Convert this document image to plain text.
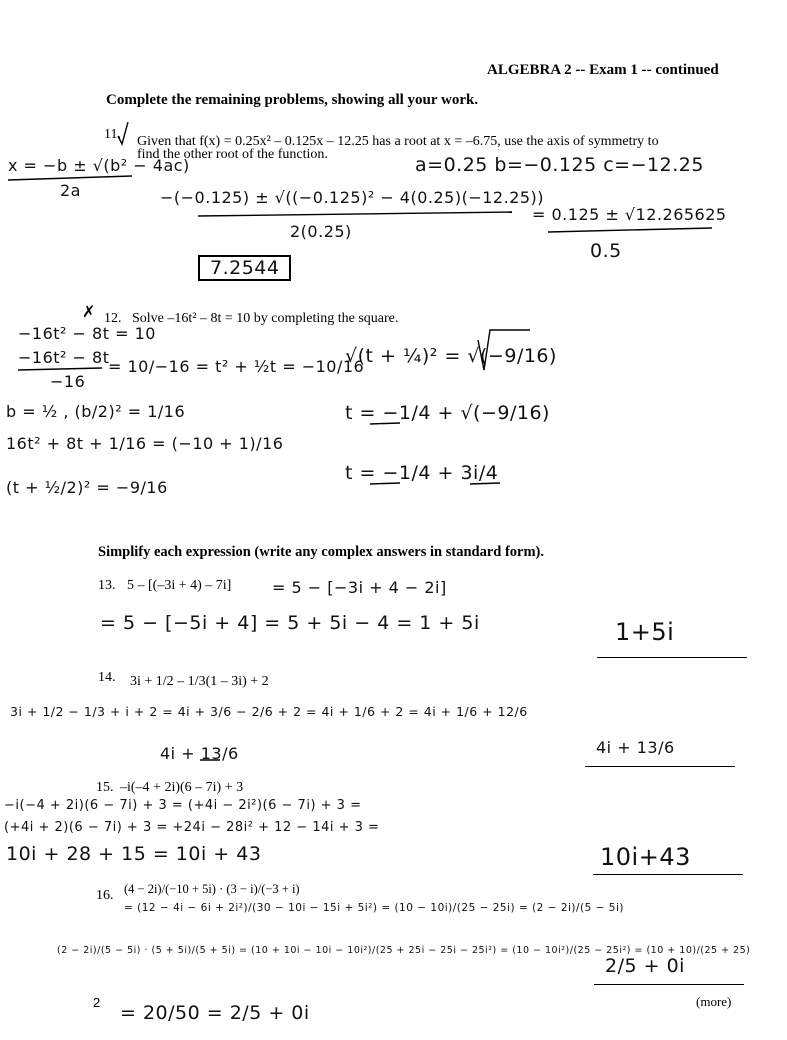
ALGEBRA 2 -- Exam 1 -- continued
Complete the remaining problems, showing all your work.
11. Given that f(x) = 0.25x² – 0.125x – 12.25 has a root at x = –6.75, use the axis of symmetry to
find the other root of the function.
x = −b ± √(b² − 4ac)
2a
a=0.25 b=−0.125 c=−12.25
−(−0.125) ± √((−0.125)² − 4(0.25)(−12.25))
2(0.25)
= 0.125 ± √12.265625
0.5
7.2544
✗ 12. Solve –16t² – 8t = 10 by completing the square.
−16t² − 8t = 10
−16t² − 8t
−16
= 10/−16 = t² + ½t = −10/16
b = ½ , (b/2)² = 1/16
16t² + 8t + 1/16 = (−10 + 1)/16
(t + ½/2)² = −9/16
√(t + ¼)² = √(−9/16)
t = −1/4 + √(−9/16)
t = −1/4 + 3i/4
Simplify each expression (write any complex answers in standard form).
13. 5 – [(–3i + 4) – 7i]	= 5 − [−3i + 4 − 2i]
= 5 − [−5i + 4] = 5 + 5i − 4 = 1 + 5i	1+5i
14. 3i + 1/2 – 1/3(1 – 3i) + 2
3i + 1/2 − 1/3 + i + 2 = 4i + 3/6 − 2/6 + 2 = 4i + 1/6 + 2 = 4i + 1/6 + 12/6
4i + 13/6	4i + 13/6
15. –i(–4 + 2i)(6 – 7i) + 3
−i(−4 + 2i)(6 − 7i) + 3 = (+4i − 2i²)(6 − 7i) + 3 =
(+4i + 2)(6 − 7i) + 3 = +24i − 28i² + 12 − 14i + 3 =
10i + 28 + 15 = 10i + 43	10i+43
16. (4 − 2i)/(−10 + 5i) · (3 − i)/(−3 + i)
= (12 − 4i − 6i + 2i²)/(30 − 10i − 15i + 5i²) = (10 − 10i)/(25 − 25i) = (2 − 2i)/(5 − 5i)
(2 − 2i)/(5 − 5i) · (5 + 5i)/(5 + 5i) = (10 + 10i − 10i − 10i²)/(25 + 25i − 25i − 25i²) = (10 − 10i²)/(25 − 25i²) = (10 + 10)/(25 + 25)
= 20/50 = 2/5 + 0i
2/5 + 0i
2	(more)
